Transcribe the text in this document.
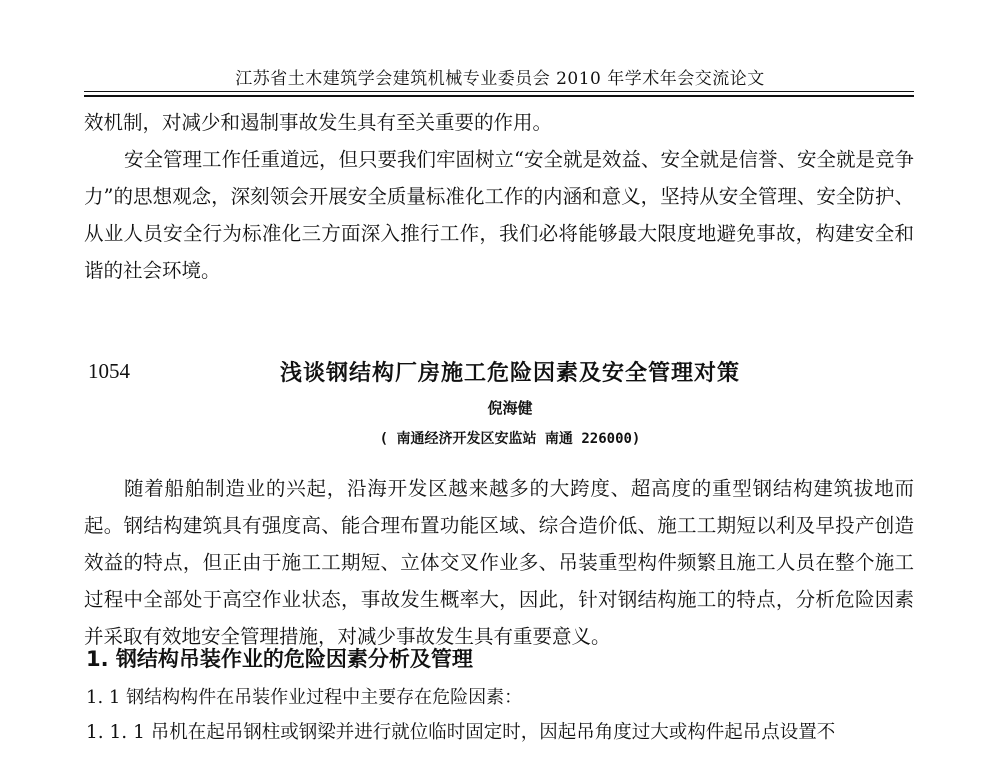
江苏省土木建筑学会建筑机械专业委员会 2010 年学术年会交流论文

效机制，对减少和遏制事故发生具有至关重要的作用。

安全管理工作任重道远，但只要我们牢固树立“安全就是效益、安全就是信誉、安全就是竞争力”的思想观念，深刻领会开展安全质量标准化工作的内涵和意义，坚持从安全管理、安全防护、从业人员安全行为标准化三方面深入推行工作，我们必将能够最大限度地避免事故，构建安全和谐的社会环境。

1054	浅谈钢结构厂房施工危险因素及安全管理对策
倪海健
( 南通经济开发区安监站 南通 226000)

随着船舶制造业的兴起，沿海开发区越来越多的大跨度、超高度的重型钢结构建筑拔地而起。钢结构建筑具有强度高、能合理布置功能区域、综合造价低、施工工期短以利及早投产创造效益的特点，但正由于施工工期短、立体交叉作业多、吊装重型构件频繁且施工人员在整个施工过程中全部处于高空作业状态，事故发生概率大，因此，针对钢结构施工的特点，分析危险因素并采取有效地安全管理措施，对减少事故发生具有重要意义。

1. 钢结构吊装作业的危险因素分析及管理
1. 1 钢结构构件在吊装作业过程中主要存在危险因素：
1. 1. 1 吊机在起吊钢柱或钢梁并进行就位临时固定时，因起吊角度过大或构件起吊点设置不
